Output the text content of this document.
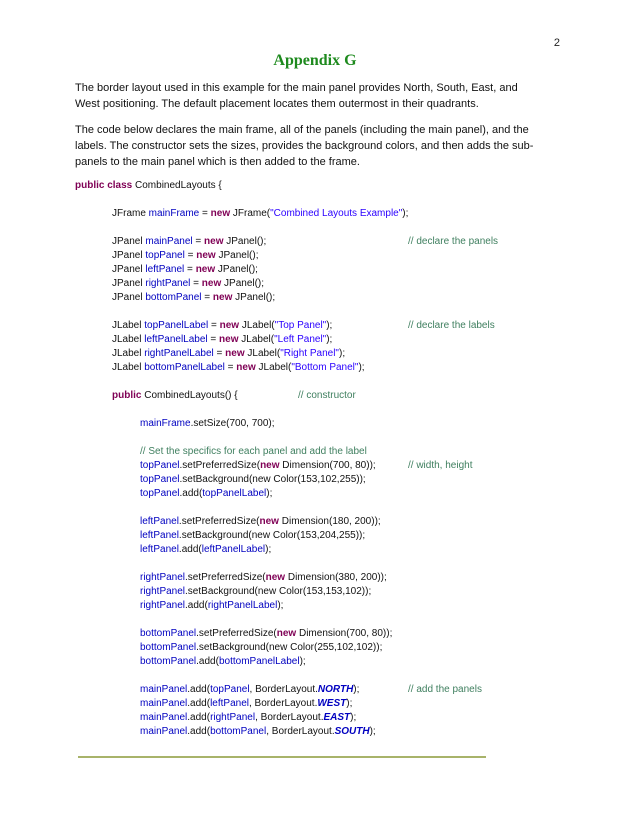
2
Appendix G
The border layout used in this example for the main panel provides North, South, East, and West positioning. The default placement locates them outermost in their quadrants.
The code below declares the main frame, all of the panels (including the main panel), and the labels. The constructor sets the sizes, provides the background colors, and then adds the sub-panels to the main panel which is then added to the frame.
public class CombinedLayouts {
JFrame mainFrame = new JFrame("Combined Layouts Example");
JPanel mainPanel = new JPanel();	// declare the panels
JPanel topPanel = new JPanel();
JPanel leftPanel = new JPanel();
JPanel rightPanel = new JPanel();
JPanel bottomPanel = new JPanel();
JLabel topPanelLabel = new JLabel("Top Panel");	// declare the labels
JLabel leftPanelLabel = new JLabel("Left Panel");
JLabel rightPanelLabel = new JLabel("Right Panel");
JLabel bottomPanelLabel = new JLabel("Bottom Panel");
public CombinedLayouts() {	// constructor
mainFrame.setSize(700, 700);
// Set the specifics for each panel and add the label
topPanel.setPreferredSize(new Dimension(700, 80));	// width, height
topPanel.setBackground(new Color(153,102,255));
topPanel.add(topPanelLabel);
leftPanel.setPreferredSize(new Dimension(180, 200));
leftPanel.setBackground(new Color(153,204,255));
leftPanel.add(leftPanelLabel);
rightPanel.setPreferredSize(new Dimension(380, 200));
rightPanel.setBackground(new Color(153,153,102));
rightPanel.add(rightPanelLabel);
bottomPanel.setPreferredSize(new Dimension(700, 80));
bottomPanel.setBackground(new Color(255,102,102));
bottomPanel.add(bottomPanelLabel);
mainPanel.add(topPanel, BorderLayout.NORTH);	// add the panels
mainPanel.add(leftPanel, BorderLayout.WEST);
mainPanel.add(rightPanel, BorderLayout.EAST);
mainPanel.add(bottomPanel, BorderLayout.SOUTH);
